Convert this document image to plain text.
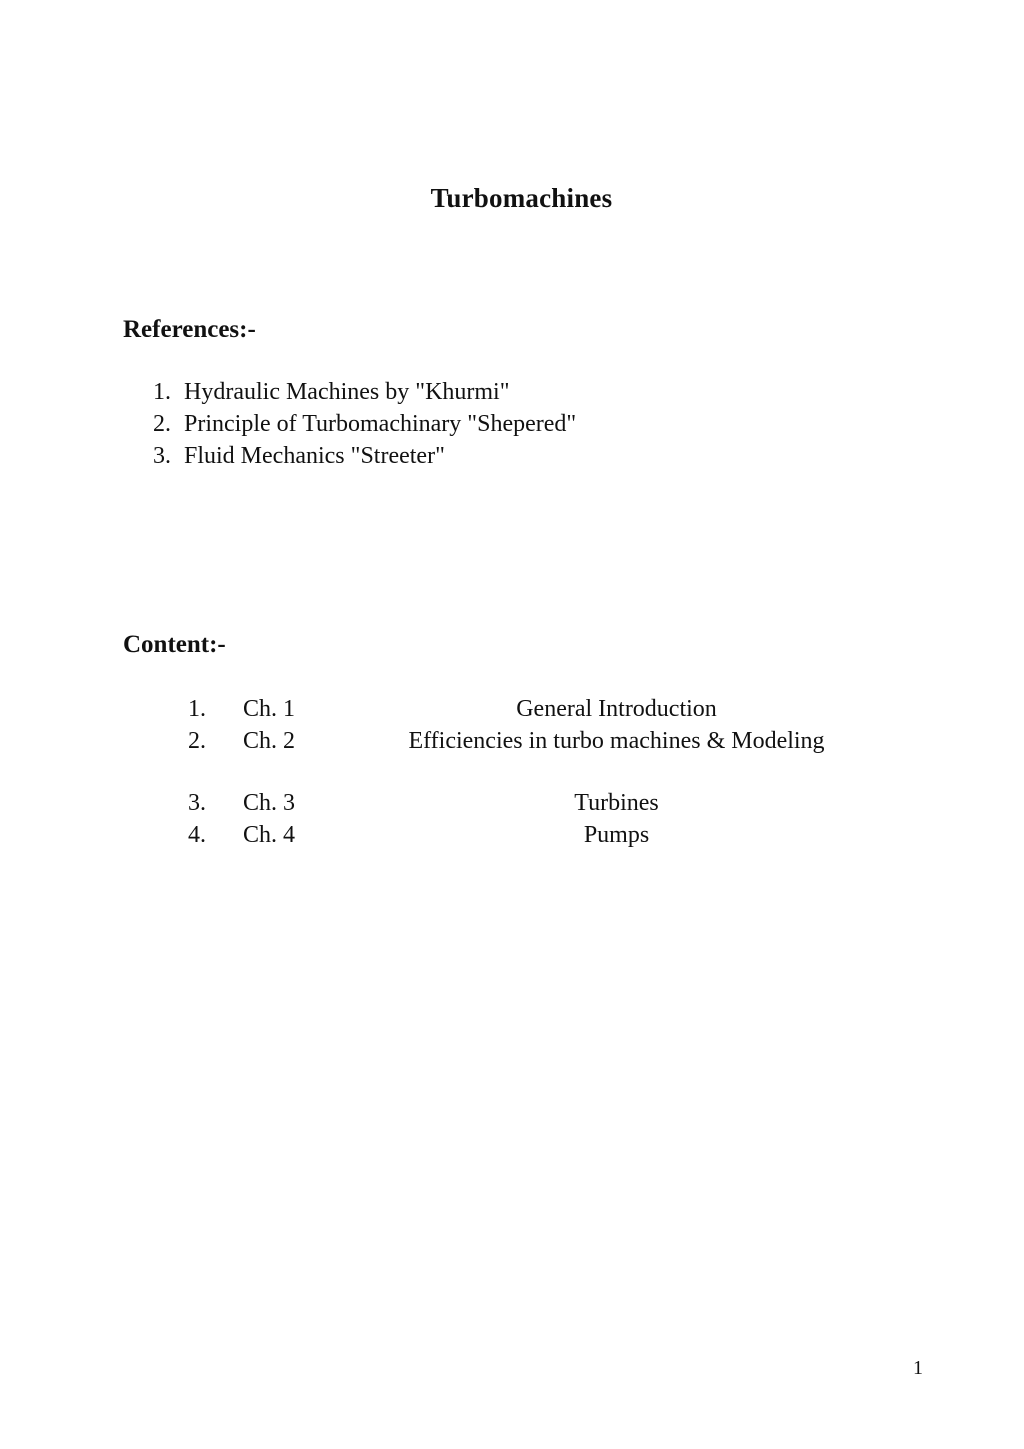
Turbomachines
References:-
1. Hydraulic Machines by "Khurmi"
2. Principle of Turbomachinary "Shepered"
3. Fluid Mechanics "Streeter"
Content:-
1.	Ch. 1	General Introduction
2.	Ch. 2	Efficiencies in turbo machines & Modeling
3.	Ch. 3	Turbines
4.	Ch. 4	Pumps
1
